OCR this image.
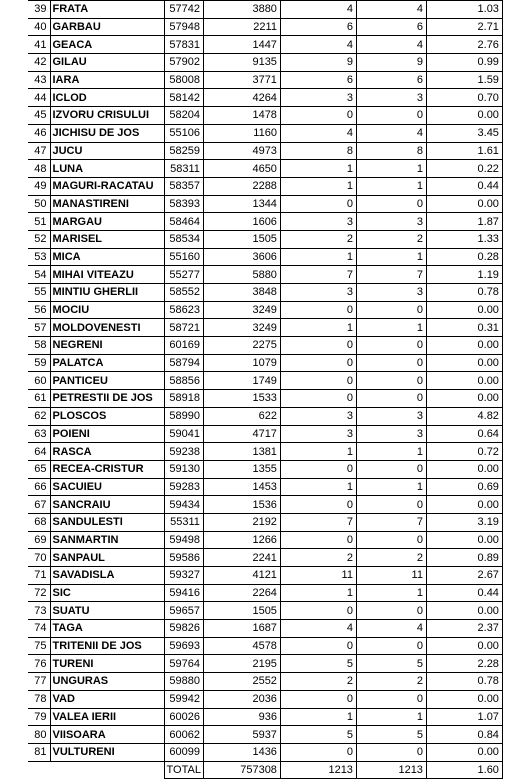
39	FRATA	57742	3880	4	4	1.03
40	GARBAU	57948	2211	6	6	2.71
41	GEACA	57831	1447	4	4	2.76
42	GILAU	57902	9135	9	9	0.99
43	IARA	58008	3771	6	6	1.59
44	ICLOD	58142	4264	3	3	0.70
45	IZVORU CRISULUI	58204	1478	0	0	0.00
46	JICHISU DE JOS	55106	1160	4	4	3.45
47	JUCU	58259	4973	8	8	1.61
48	LUNA	58311	4650	1	1	0.22
49	MAGURI-RACATAU	58357	2288	1	1	0.44
50	MANASTIRENI	58393	1344	0	0	0.00
51	MARGAU	58464	1606	3	3	1.87
52	MARISEL	58534	1505	2	2	1.33
53	MICA	55160	3606	1	1	0.28
54	MIHAI VITEAZU	55277	5880	7	7	1.19
55	MINTIU GHERLII	58552	3848	3	3	0.78
56	MOCIU	58623	3249	0	0	0.00
57	MOLDOVENESTI	58721	3249	1	1	0.31
58	NEGRENI	60169	2275	0	0	0.00
59	PALATCA	58794	1079	0	0	0.00
60	PANTICEU	58856	1749	0	0	0.00
61	PETRESTII DE JOS	58918	1533	0	0	0.00
62	PLOSCOS	58990	622	3	3	4.82
63	POIENI	59041	4717	3	3	0.64
64	RASCA	59238	1381	1	1	0.72
65	RECEA-CRISTUR	59130	1355	0	0	0.00
66	SACUIEU	59283	1453	1	1	0.69
67	SANCRAIU	59434	1536	0	0	0.00
68	SANDULESTI	55311	2192	7	7	3.19
69	SANMARTIN	59498	1266	0	0	0.00
70	SANPAUL	59586	2241	2	2	0.89
71	SAVADISLA	59327	4121	11	11	2.67
72	SIC	59416	2264	1	1	0.44
73	SUATU	59657	1505	0	0	0.00
74	TAGA	59826	1687	4	4	2.37
75	TRITENII DE JOS	59693	4578	0	0	0.00
76	TURENI	59764	2195	5	5	2.28
77	UNGURAS	59880	2552	2	2	0.78
78	VAD	59942	2036	0	0	0.00
79	VALEA IERII	60026	936	1	1	1.07
80	VIISOARA	60062	5937	5	5	0.84
81	VULTURENI	60099	1436	0	0	0.00
		TOTAL	757308	1213	1213	1.60
